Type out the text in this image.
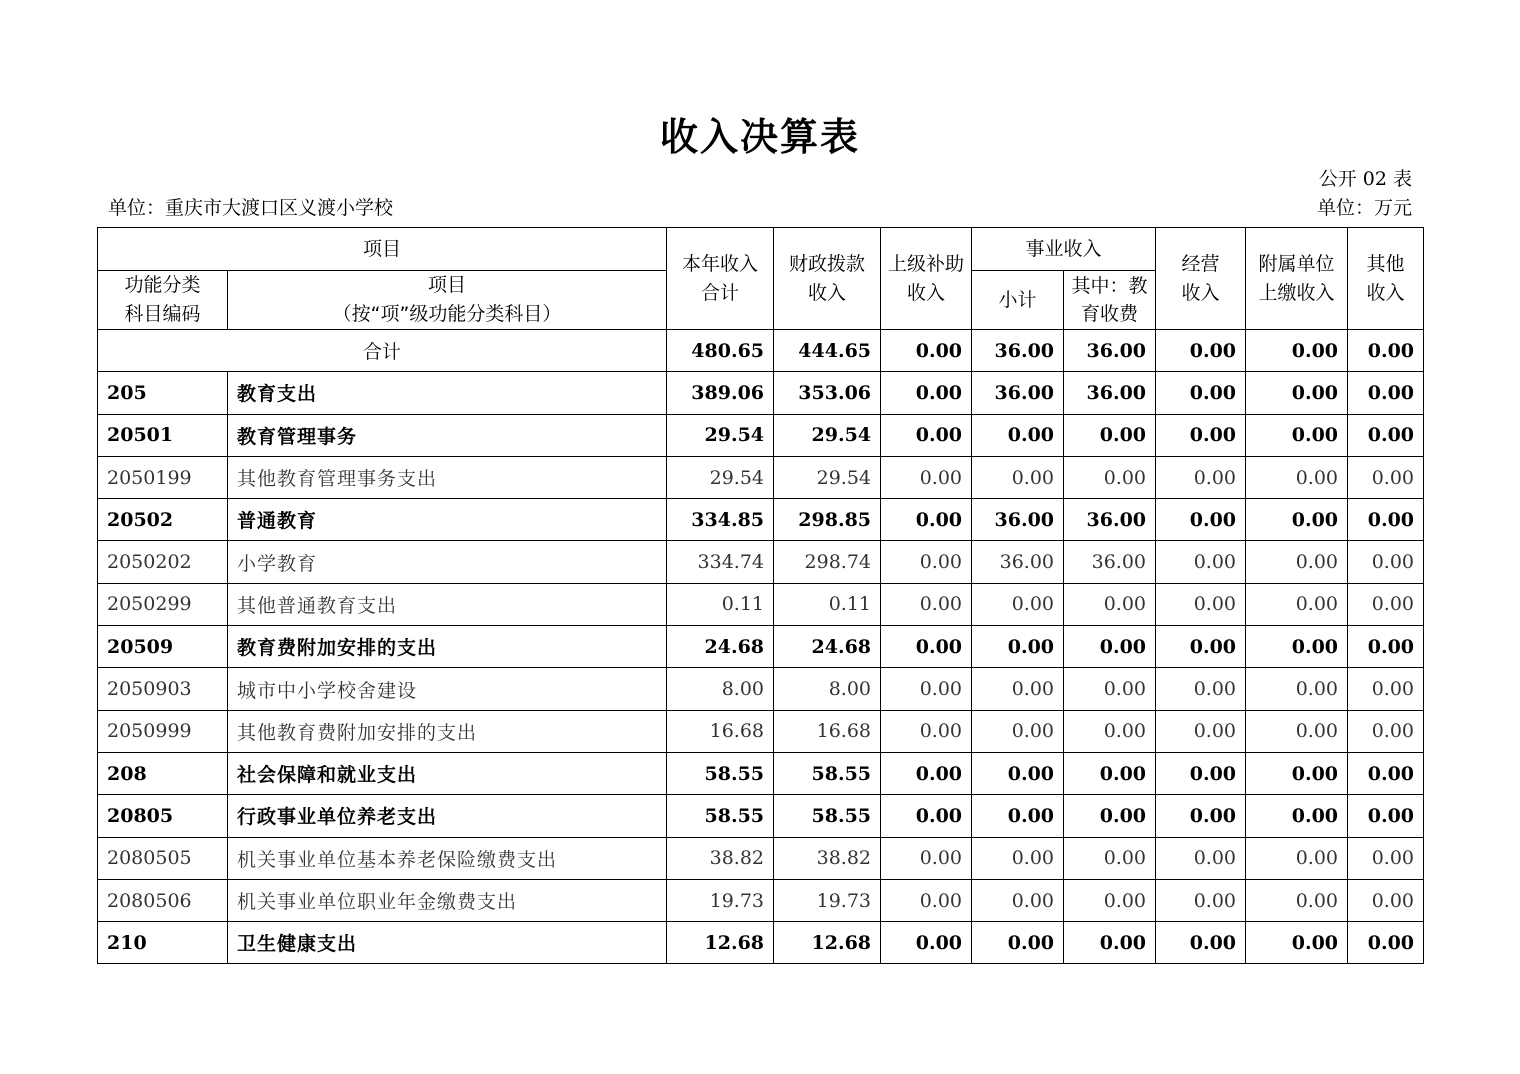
收入决算表
公开 02 表
单位：重庆市大渡口区义渡小学校	单位：万元
项目		本年收入合计	财政拨款收入	上级补助收入	事业收入		经营收入	附属单位上缴收入	其他收入

功能分类科目编码	项目
（按“项”级功能分类科目）				小计	其中：教育收费			

合计		480.65	444.65	0.00	36.00	36.00	0.00	0.00	0.00
205	教育支出	389.06	353.06	0.00	36.00	36.00	0.00	0.00	0.00
20501	教育管理事务	29.54	29.54	0.00	0.00	0.00	0.00	0.00	0.00
2050199	其他教育管理事务支出	29.54	29.54	0.00	0.00	0.00	0.00	0.00	0.00
20502	普通教育	334.85	298.85	0.00	36.00	36.00	0.00	0.00	0.00
2050202	小学教育	334.74	298.74	0.00	36.00	36.00	0.00	0.00	0.00
2050299	其他普通教育支出	0.11	0.11	0.00	0.00	0.00	0.00	0.00	0.00
20509	教育费附加安排的支出	24.68	24.68	0.00	0.00	0.00	0.00	0.00	0.00
2050903	城市中小学校舍建设	8.00	8.00	0.00	0.00	0.00	0.00	0.00	0.00
2050999	其他教育费附加安排的支出	16.68	16.68	0.00	0.00	0.00	0.00	0.00	0.00
208	社会保障和就业支出	58.55	58.55	0.00	0.00	0.00	0.00	0.00	0.00
20805	行政事业单位养老支出	58.55	58.55	0.00	0.00	0.00	0.00	0.00	0.00
2080505	机关事业单位基本养老保险缴费支出	38.82	38.82	0.00	0.00	0.00	0.00	0.00	0.00
2080506	机关事业单位职业年金缴费支出	19.73	19.73	0.00	0.00	0.00	0.00	0.00	0.00
210	卫生健康支出	12.68	12.68	0.00	0.00	0.00	0.00	0.00	0.00
